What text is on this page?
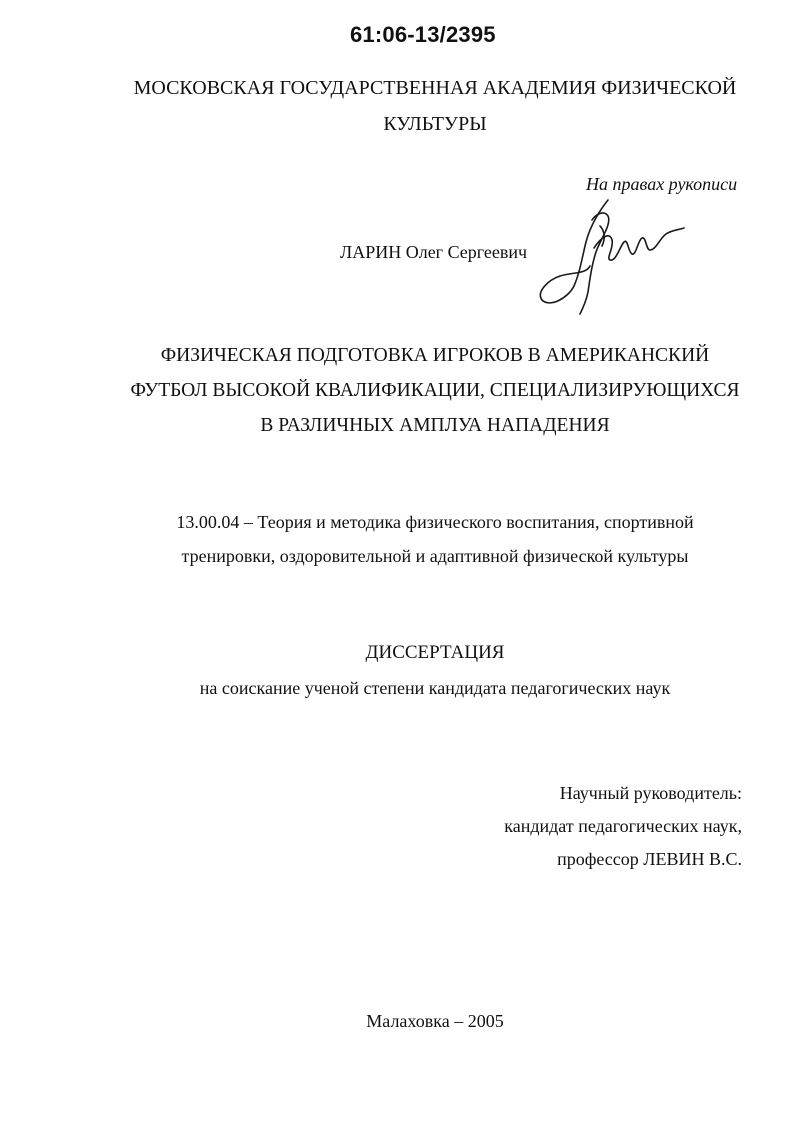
61:06-13/2395
МОСКОВСКАЯ ГОСУДАРСТВЕННАЯ АКАДЕМИЯ ФИЗИЧЕСКОЙ
КУЛЬТУРЫ
На правах рукописи
ЛАРИН Олег Сергеевич
ФИЗИЧЕСКАЯ ПОДГОТОВКА ИГРОКОВ В АМЕРИКАНСКИЙ
ФУТБОЛ ВЫСОКОЙ КВАЛИФИКАЦИИ, СПЕЦИАЛИЗИРУЮЩИХСЯ
В РАЗЛИЧНЫХ АМПЛУА НАПАДЕНИЯ
13.00.04 – Теория и методика физического воспитания, спортивной
тренировки, оздоровительной и адаптивной физической культуры
ДИССЕРТАЦИЯ
на соискание ученой степени кандидата педагогических наук
Научный руководитель:
кандидат педагогических наук,
профессор ЛЕВИН В.С.
Малаховка – 2005
